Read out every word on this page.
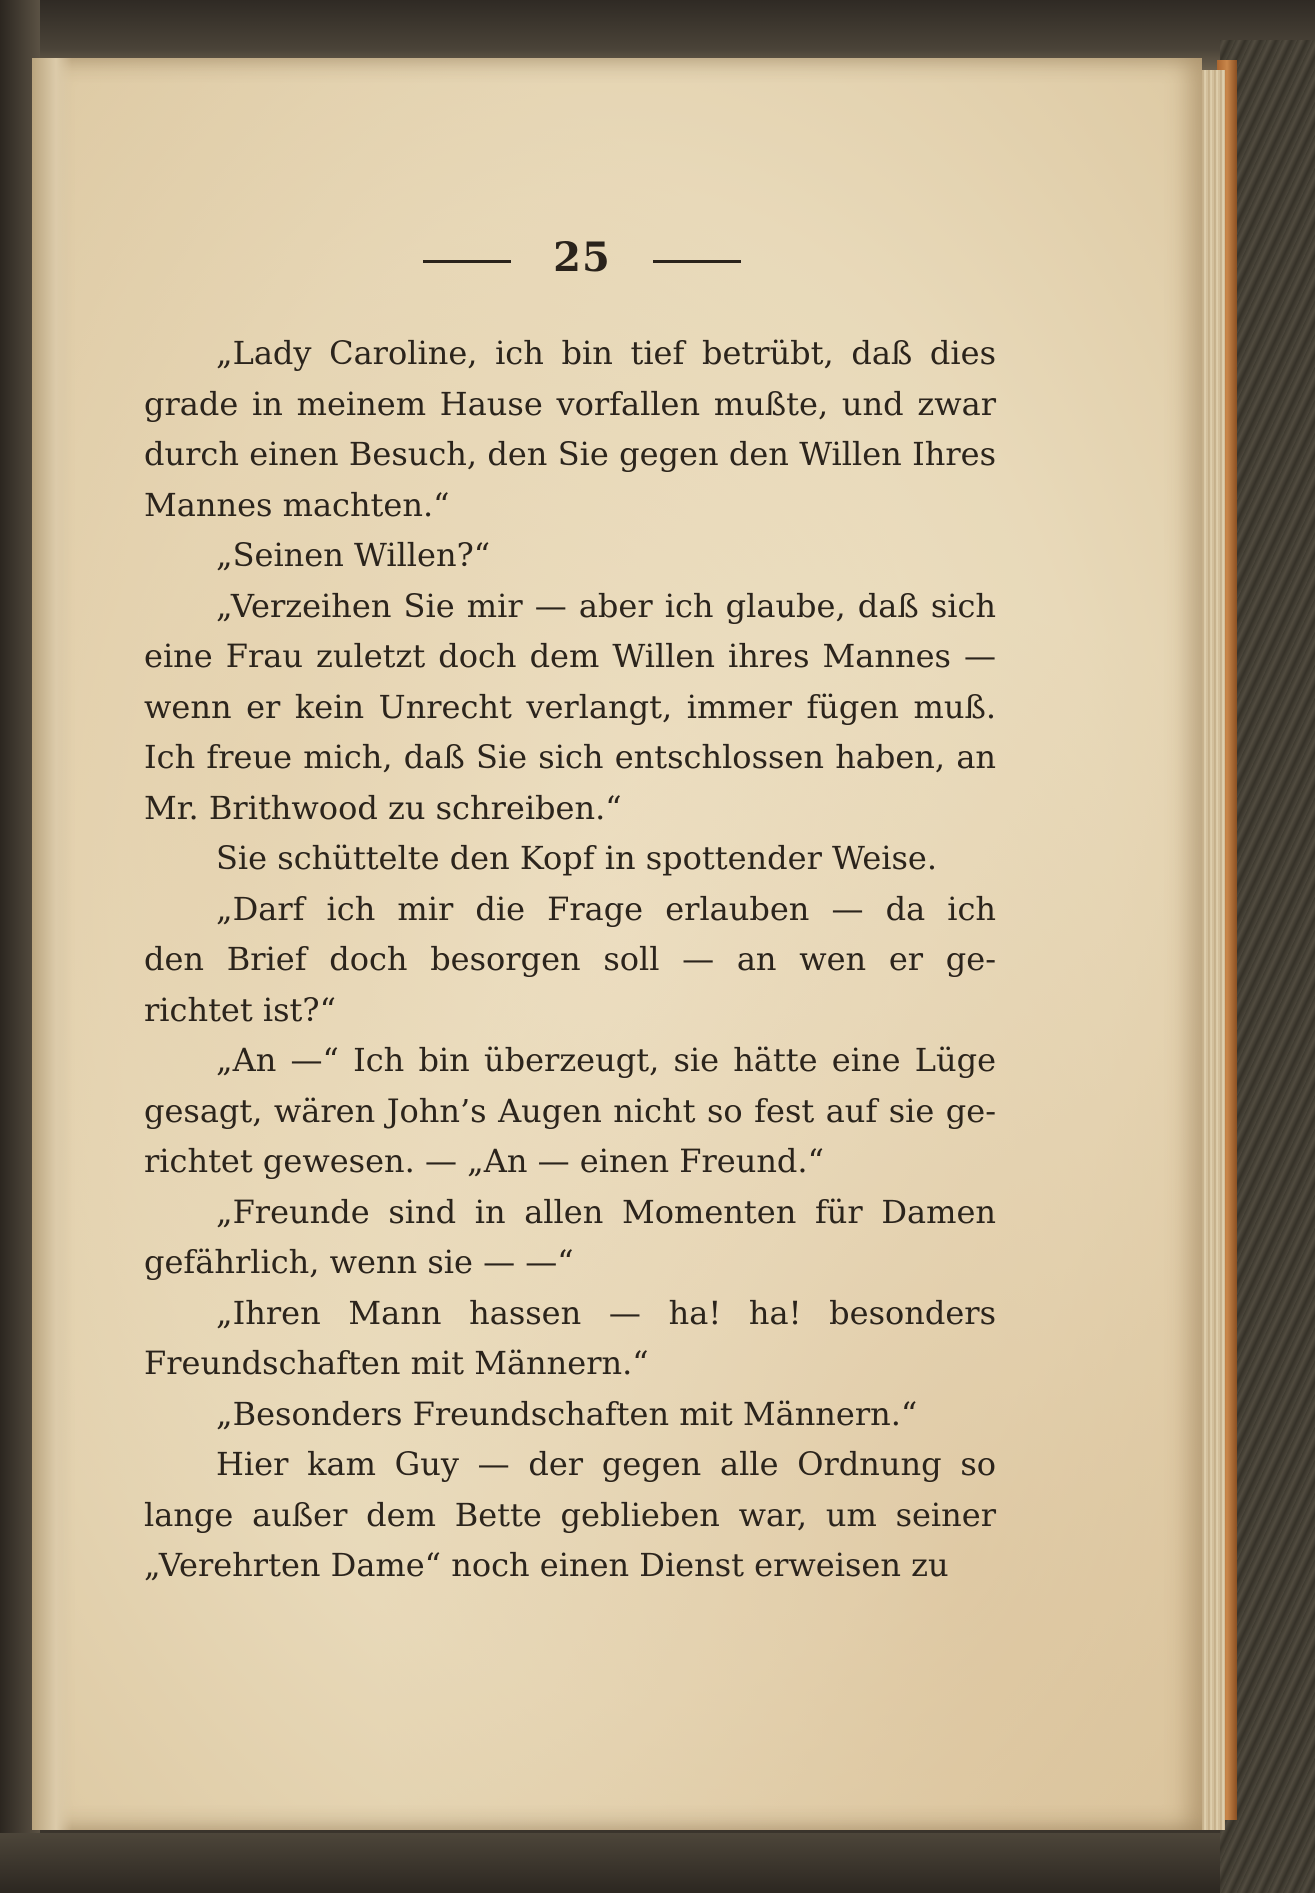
25

„Lady Caroline, ich bin tief betrübt, daß dies
grade in meinem Hause vorfallen mußte, und zwar
durch einen Besuch, den Sie gegen den Willen Ihres
Mannes machten.“

„Seinen Willen?“

„Verzeihen Sie mir — aber ich glaube, daß sich
eine Frau zuletzt doch dem Willen ihres Mannes —
wenn er kein Unrecht verlangt, immer fügen muß.
Ich freue mich, daß Sie sich entschlossen haben, an
Mr. Brithwood zu schreiben.“

Sie schüttelte den Kopf in spottender Weise.

„Darf ich mir die Frage erlauben — da ich
den Brief doch besorgen soll — an wen er ge-
richtet ist?“

„An —“ Ich bin überzeugt, sie hätte eine Lüge
gesagt, wären John’s Augen nicht so fest auf sie ge-
richtet gewesen. — „An — einen Freund.“

„Freunde sind in allen Momenten für Damen
gefährlich, wenn sie — —“

„Ihren Mann hassen — ha! ha! besonders
Freundschaften mit Männern.“

„Besonders Freundschaften mit Männern.“

Hier kam Guy — der gegen alle Ordnung so
lange außer dem Bette geblieben war, um seiner
„Verehrten Dame“ noch einen Dienst erweisen zu
